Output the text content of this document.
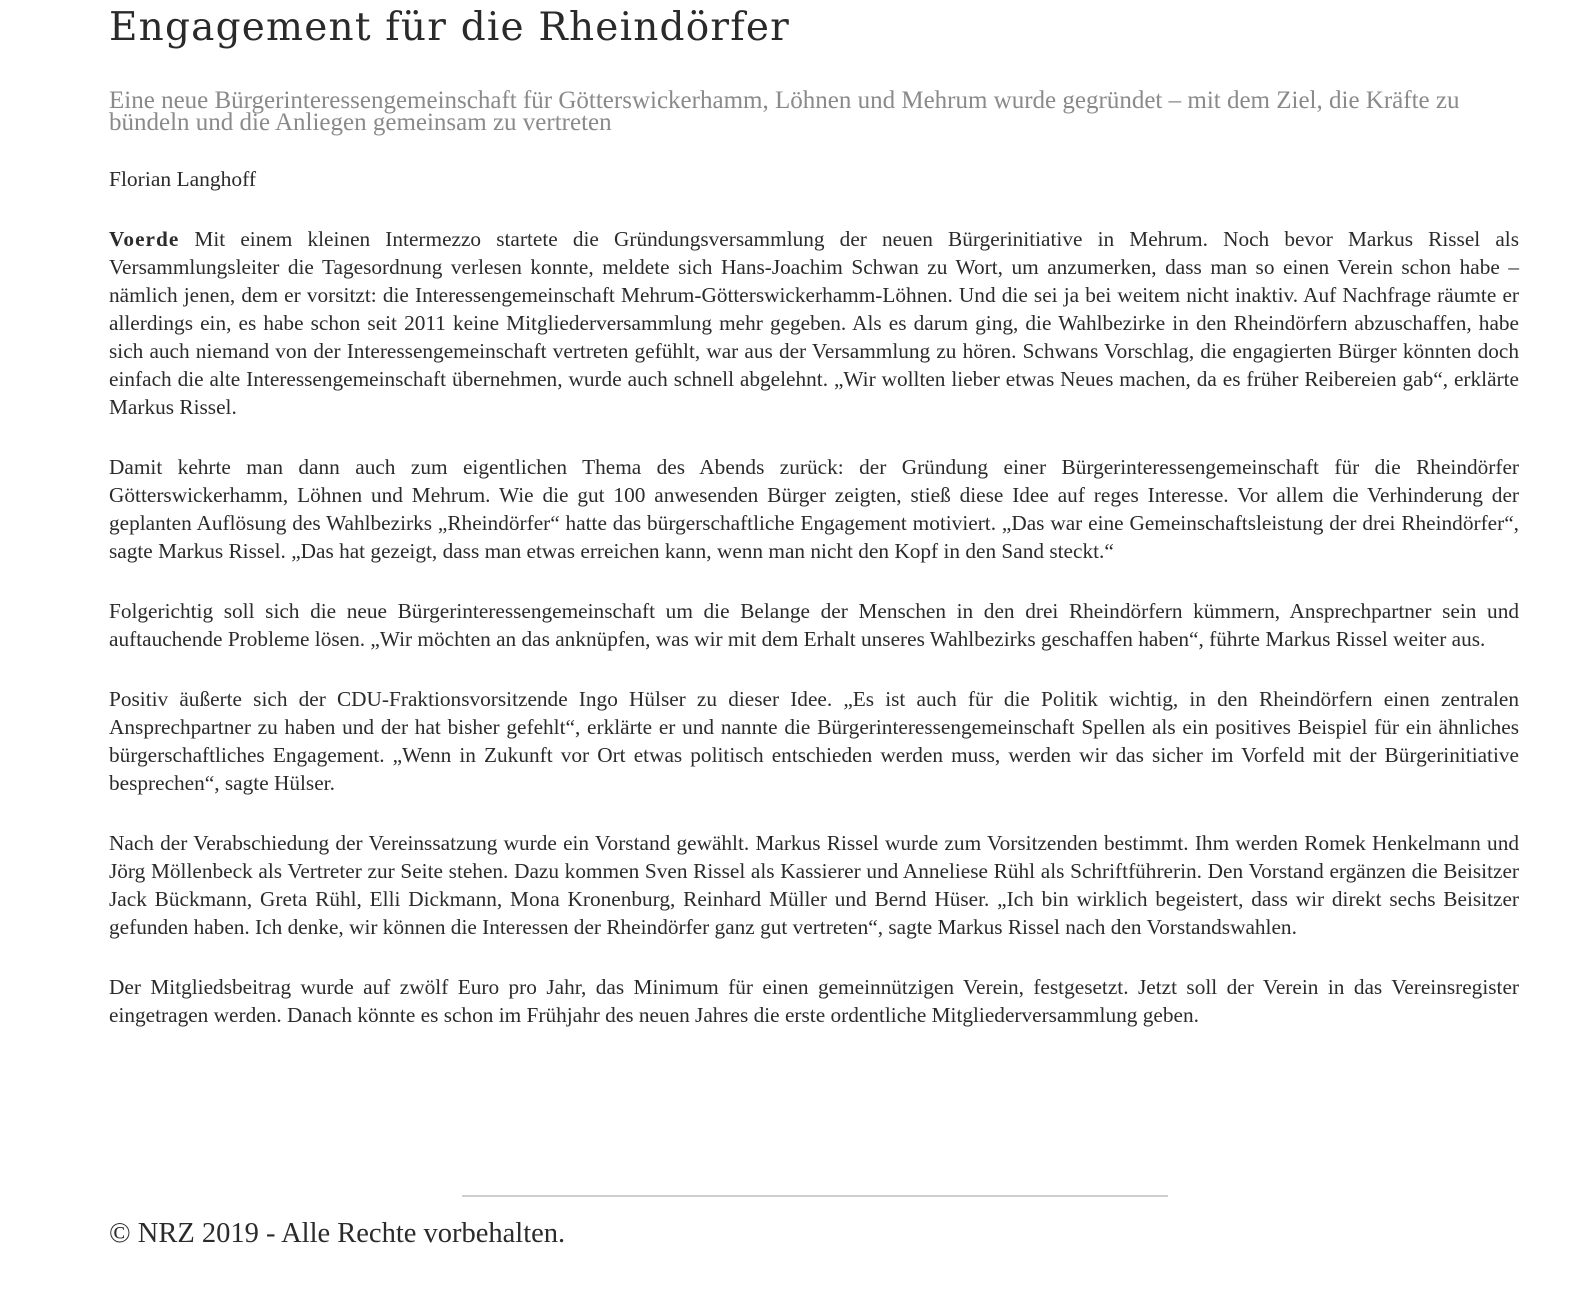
Engagement für die Rheindörfer

Eine neue Bürgerinteressengemeinschaft für Götterswickerhamm, Löhnen und Mehrum wurde gegründet – mit dem Ziel, die Kräfte zu bündeln und die Anliegen gemeinsam zu vertreten

Florian Langhoff

Voerde Mit einem kleinen Intermezzo startete die Gründungsversammlung der neuen Bürgerinitiative in Mehrum. Noch bevor Markus Rissel als Versammlungsleiter die Tagesordnung verlesen konnte, meldete sich Hans-Joachim Schwan zu Wort, um anzumerken, dass man so einen Verein schon habe – nämlich jenen, dem er vorsitzt: die Interessengemeinschaft Mehrum-Götterswickerhamm-Löhnen. Und die sei ja bei weitem nicht inaktiv. Auf Nachfrage räumte er allerdings ein, es habe schon seit 2011 keine Mitgliederversammlung mehr gegeben. Als es darum ging, die Wahlbezirke in den Rheindörfern abzuschaffen, habe sich auch niemand von der Interessengemeinschaft vertreten gefühlt, war aus der Versammlung zu hören. Schwans Vorschlag, die engagierten Bürger könnten doch einfach die alte Interessengemeinschaft übernehmen, wurde auch schnell abgelehnt. „Wir wollten lieber etwas Neues machen, da es früher Reibereien gab“, erklärte Markus Rissel.

Damit kehrte man dann auch zum eigentlichen Thema des Abends zurück: der Gründung einer Bürgerinteressengemeinschaft für die Rheindörfer Götterswickerhamm, Löhnen und Mehrum. Wie die gut 100 anwesenden Bürger zeigten, stieß diese Idee auf reges Interesse. Vor allem die Verhinderung der geplanten Auflösung des Wahlbezirks „Rheindörfer“ hatte das bürgerschaftliche Engagement motiviert. „Das war eine Gemeinschaftsleistung der drei Rheindörfer“, sagte Markus Rissel. „Das hat gezeigt, dass man etwas erreichen kann, wenn man nicht den Kopf in den Sand steckt.“

Folgerichtig soll sich die neue Bürgerinteressengemeinschaft um die Belange der Menschen in den drei Rheindörfern kümmern, Ansprechpartner sein und auftauchende Probleme lösen. „Wir möchten an das anknüpfen, was wir mit dem Erhalt unseres Wahlbezirks geschaffen haben“, führte Markus Rissel weiter aus.

Positiv äußerte sich der CDU-Fraktionsvorsitzende Ingo Hülser zu dieser Idee. „Es ist auch für die Politik wichtig, in den Rheindörfern einen zentralen Ansprechpartner zu haben und der hat bisher gefehlt“, erklärte er und nannte die Bürgerinteressengemeinschaft Spellen als ein positives Beispiel für ein ähnliches bürgerschaftliches Engagement. „Wenn in Zukunft vor Ort etwas politisch entschieden werden muss, werden wir das sicher im Vorfeld mit der Bürgerinitiative besprechen“, sagte Hülser.

Nach der Verabschiedung der Vereinssatzung wurde ein Vorstand gewählt. Markus Rissel wurde zum Vorsitzenden bestimmt. Ihm werden Romek Henkelmann und Jörg Möllenbeck als Vertreter zur Seite stehen. Dazu kommen Sven Rissel als Kassierer und Anneliese Rühl als Schriftführerin. Den Vorstand ergänzen die Beisitzer Jack Bückmann, Greta Rühl, Elli Dickmann, Mona Kronenburg, Reinhard Müller und Bernd Hüser. „Ich bin wirklich begeistert, dass wir direkt sechs Beisitzer gefunden haben. Ich denke, wir können die Interessen der Rheindörfer ganz gut vertreten“, sagte Markus Rissel nach den Vorstandswahlen.

Der Mitgliedsbeitrag wurde auf zwölf Euro pro Jahr, das Minimum für einen gemeinnützigen Verein, festgesetzt. Jetzt soll der Verein in das Vereinsregister eingetragen werden. Danach könnte es schon im Frühjahr des neuen Jahres die erste ordentliche Mitgliederversammlung geben.

© NRZ 2019 - Alle Rechte vorbehalten.
